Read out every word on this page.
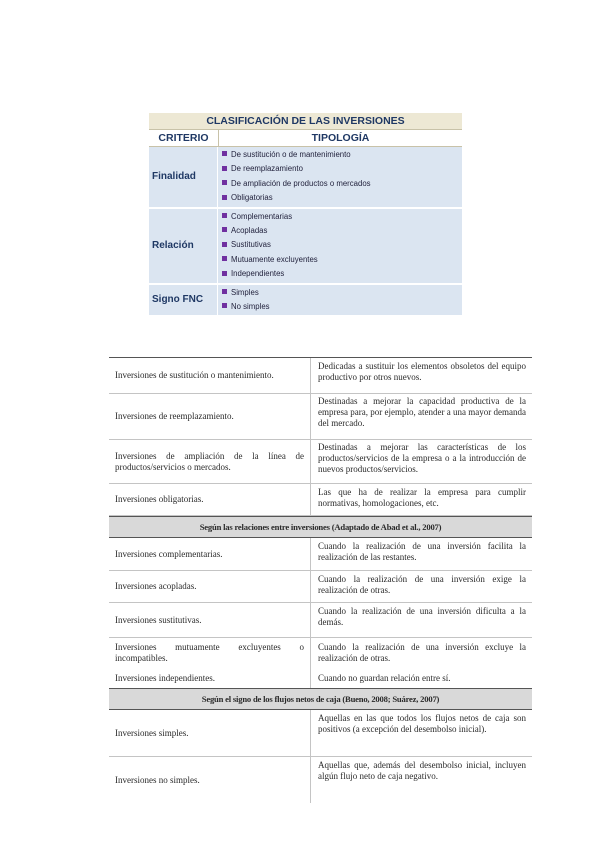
CLASIFICACIÓN DE LAS INVERSIONES
CRITERIO	TIPOLOGÍA
Finalidad
De sustitución o de mantenimiento
De reemplazamiento
De ampliación de productos o mercados
Obligatorias
Relación
Complementarias
Acopladas
Sustitutivas
Mutuamente excluyentes
Independientes
Signo FNC
Simples
No simples
Inversiones de sustitución o mantenimiento.
Dedicadas a sustituir los elementos obsoletos del equipo productivo por otros nuevos.
Inversiones de reemplazamiento.
Destinadas a mejorar la capacidad productiva de la empresa para, por ejemplo, atender a una mayor demanda del mercado.
Inversiones de ampliación de la línea de productos/servicios o mercados.
Destinadas a mejorar las características de los productos/servicios de la empresa o a la introducción de nuevos productos/servicios.
Inversiones obligatorias.
Las que ha de realizar la empresa para cumplir normativas, homologaciones, etc.
Según las relaciones entre inversiones (Adaptado de Abad et al., 2007)
Inversiones complementarias.
Cuando la realización de una inversión facilita la realización de las restantes.
Inversiones acopladas.
Cuando la realización de una inversión exige la realización de otras.
Inversiones sustitutivas.
Cuando la realización de una inversión dificulta a la demás.
Inversiones mutuamente excluyentes o incompatibles.
Cuando la realización de una inversión excluye la realización de otras.
Inversiones independientes.	Cuando no guardan relación entre sí.
Según el signo de los flujos netos de caja (Bueno, 2008; Suárez, 2007)
Inversiones simples.
Aquellas en las que todos los flujos netos de caja son positivos (a excepción del desembolso inicial).
Inversiones no simples.
Aquellas que, además del desembolso inicial, incluyen algún flujo neto de caja negativo.
